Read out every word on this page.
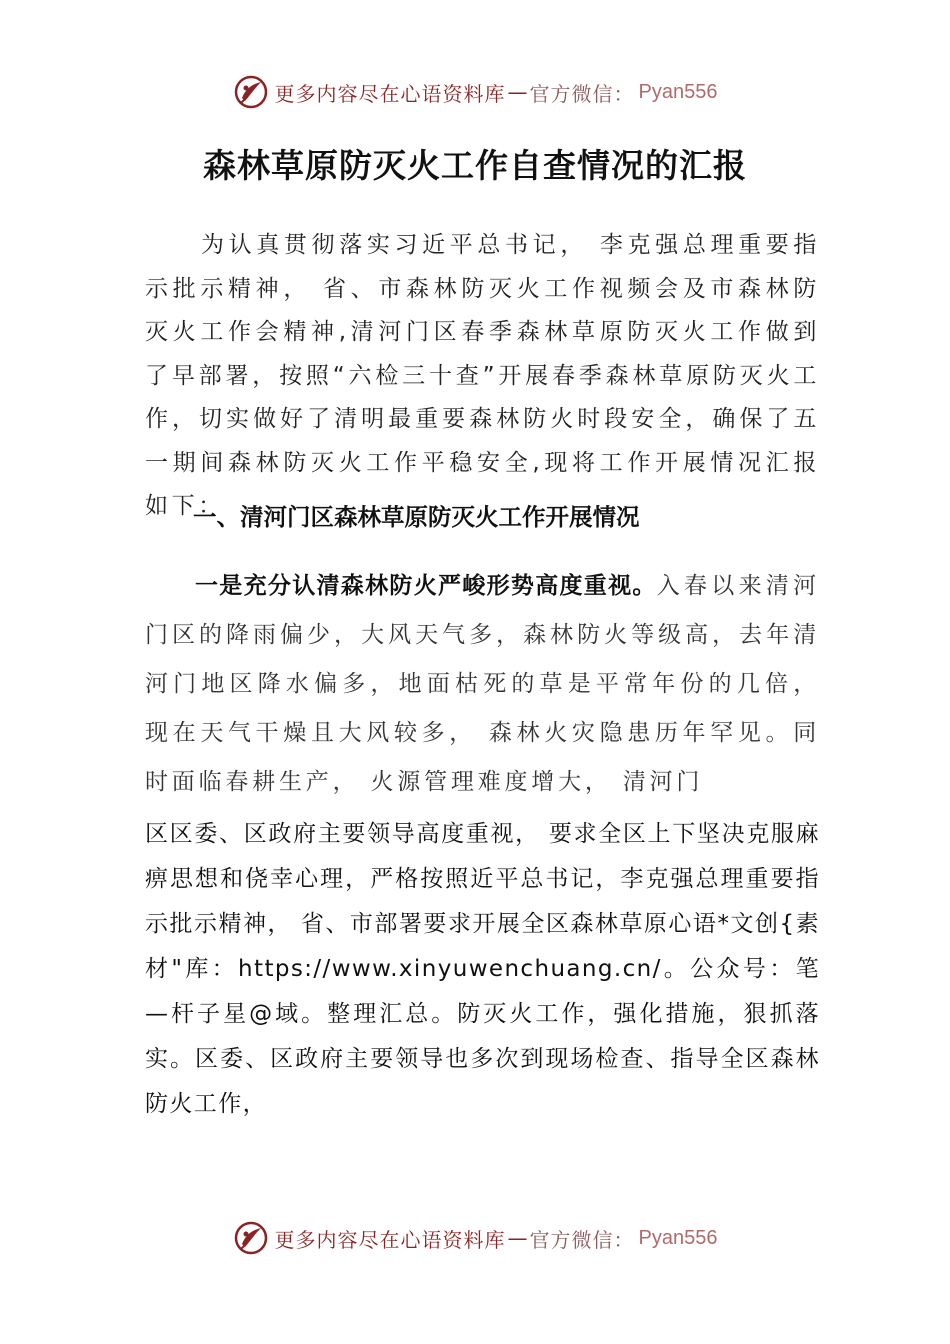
更多内容尽在心语资料库 — 官方微信： Pyan556
森林草原防灭火工作自查情况的汇报

为认真贯彻落实习近平总书记， 李克强总理重要指示批示精神， 省、市森林防灭火工作视频会及市森林防灭火工作会精神,清河门区春季森林草原防灭火工作做到了早部署，按照“六检三十查”开展春季森林草原防灭火工作，切实做好了清明最重要森林防火时段安全，确保了五一期间森林防灭火工作平稳安全,现将工作开展情况汇报如下：

一、清河门区森林草原防灭火工作开展情况

一是充分认清森林防火严峻形势高度重视。入春以来清河门区的降雨偏少，大风天气多，森林防火等级高，去年清河门地区降水偏多，地面枯死的草是平常年份的几倍， 现在天气干燥且大风较多， 森林火灾隐患历年罕见。同时面临春耕生产， 火源管理难度增大， 清河门

区区委、区政府主要领导高度重视， 要求全区上下坚决克服麻痹思想和侥幸心理，严格按照近平总书记，李克强总理重要指示批示精神， 省、市部署要求开展全区森林草原心语*文创{素材"库：https://www.xinyuwenchuang.cn/。公众号：笔—杆子星@域。整理汇总。防灭火工作，强化措施，狠抓落实。区委、区政府主要领导也多次到现场检查、指导全区森林防火工作，

更多内容尽在心语资料库 — 官方微信： Pyan556
